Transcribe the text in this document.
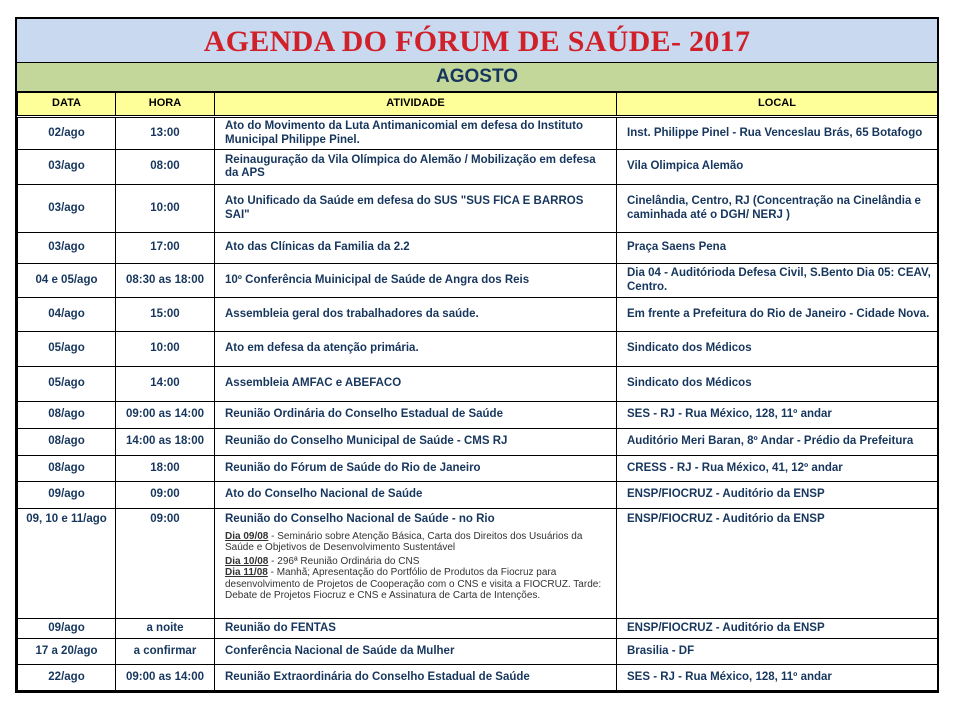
AGENDA DO FÓRUM DE SAÚDE- 2017
AGOSTO
DATA	HORA	ATIVIDADE	LOCAL
02/ago	13:00	Ato do Movimento da Luta Antimanicomial em defesa do Instituto Municipal Philippe Pinel.	Inst. Philippe Pinel - Rua Venceslau Brás, 65 Botafogo
03/ago	08:00	Reinauguração da Vila Olímpica do Alemão / Mobilização em defesa da APS	Vila Olimpica Alemão
03/ago	10:00	Ato Unificado da Saúde em defesa do SUS "SUS FICA E BARROS SAI"	Cinelândia, Centro, RJ (Concentração na Cinelândia e caminhada até o DGH/ NERJ )
03/ago	17:00	Ato das Clínicas da Familia da 2.2	Praça Saens Pena
04 e 05/ago	08:30 as 18:00	10º Conferência Muinicipal de Saúde de Angra dos Reis	Dia 04 - Auditórioda Defesa Civil, S.Bento Dia 05: CEAV, Centro.
04/ago	15:00	Assembleia geral dos trabalhadores da saúde.	Em frente a Prefeitura do Rio de Janeiro - Cidade Nova.
05/ago	10:00	Ato em defesa da atenção primária.	Sindicato dos Médicos
05/ago	14:00	Assembleia AMFAC e ABEFACO	Sindicato dos Médicos
08/ago	09:00 as 14:00	Reunião Ordinária do Conselho Estadual de Saúde	SES - RJ - Rua México, 128, 11º andar
08/ago	14:00 as 18:00	Reunião do Conselho Municipal de Saúde - CMS RJ	Auditório Meri Baran, 8º Andar - Prédio da Prefeitura
08/ago	18:00	Reunião do Fórum de Saúde do Rio de Janeiro	CRESS - RJ - Rua México, 41, 12º andar
09/ago	09:00	Ato do Conselho Nacional de Saúde	ENSP/FIOCRUZ - Auditório da ENSP
09, 10 e 11/ago	09:00	Reunião do Conselho Nacional de Saúde - no Rio
Dia 09/08 - Seminário sobre Atenção Básica, Carta dos Direitos dos Usuários da Saúde e Objetivos de Desenvolvimento Sustentável
Dia 10/08 - 296ª Reunião Ordinária do CNS
Dia 11/08 - Manhã; Apresentação do Portfólio de Produtos da Fiocruz para desenvolvimento de Projetos de Cooperação com o CNS e visita a FIOCRUZ. Tarde: Debate de Projetos Fiocruz e CNS e Assinatura de Carta de Intenções.	ENSP/FIOCRUZ - Auditório da ENSP
09/ago	a noite	Reunião do FENTAS	ENSP/FIOCRUZ - Auditório da ENSP
17 a 20/ago	a confirmar	Conferência Nacional de Saúde da Mulher	Brasilia - DF
22/ago	09:00 as 14:00	Reunião Extraordinária do Conselho Estadual de Saúde	SES - RJ - Rua México, 128, 11º andar
